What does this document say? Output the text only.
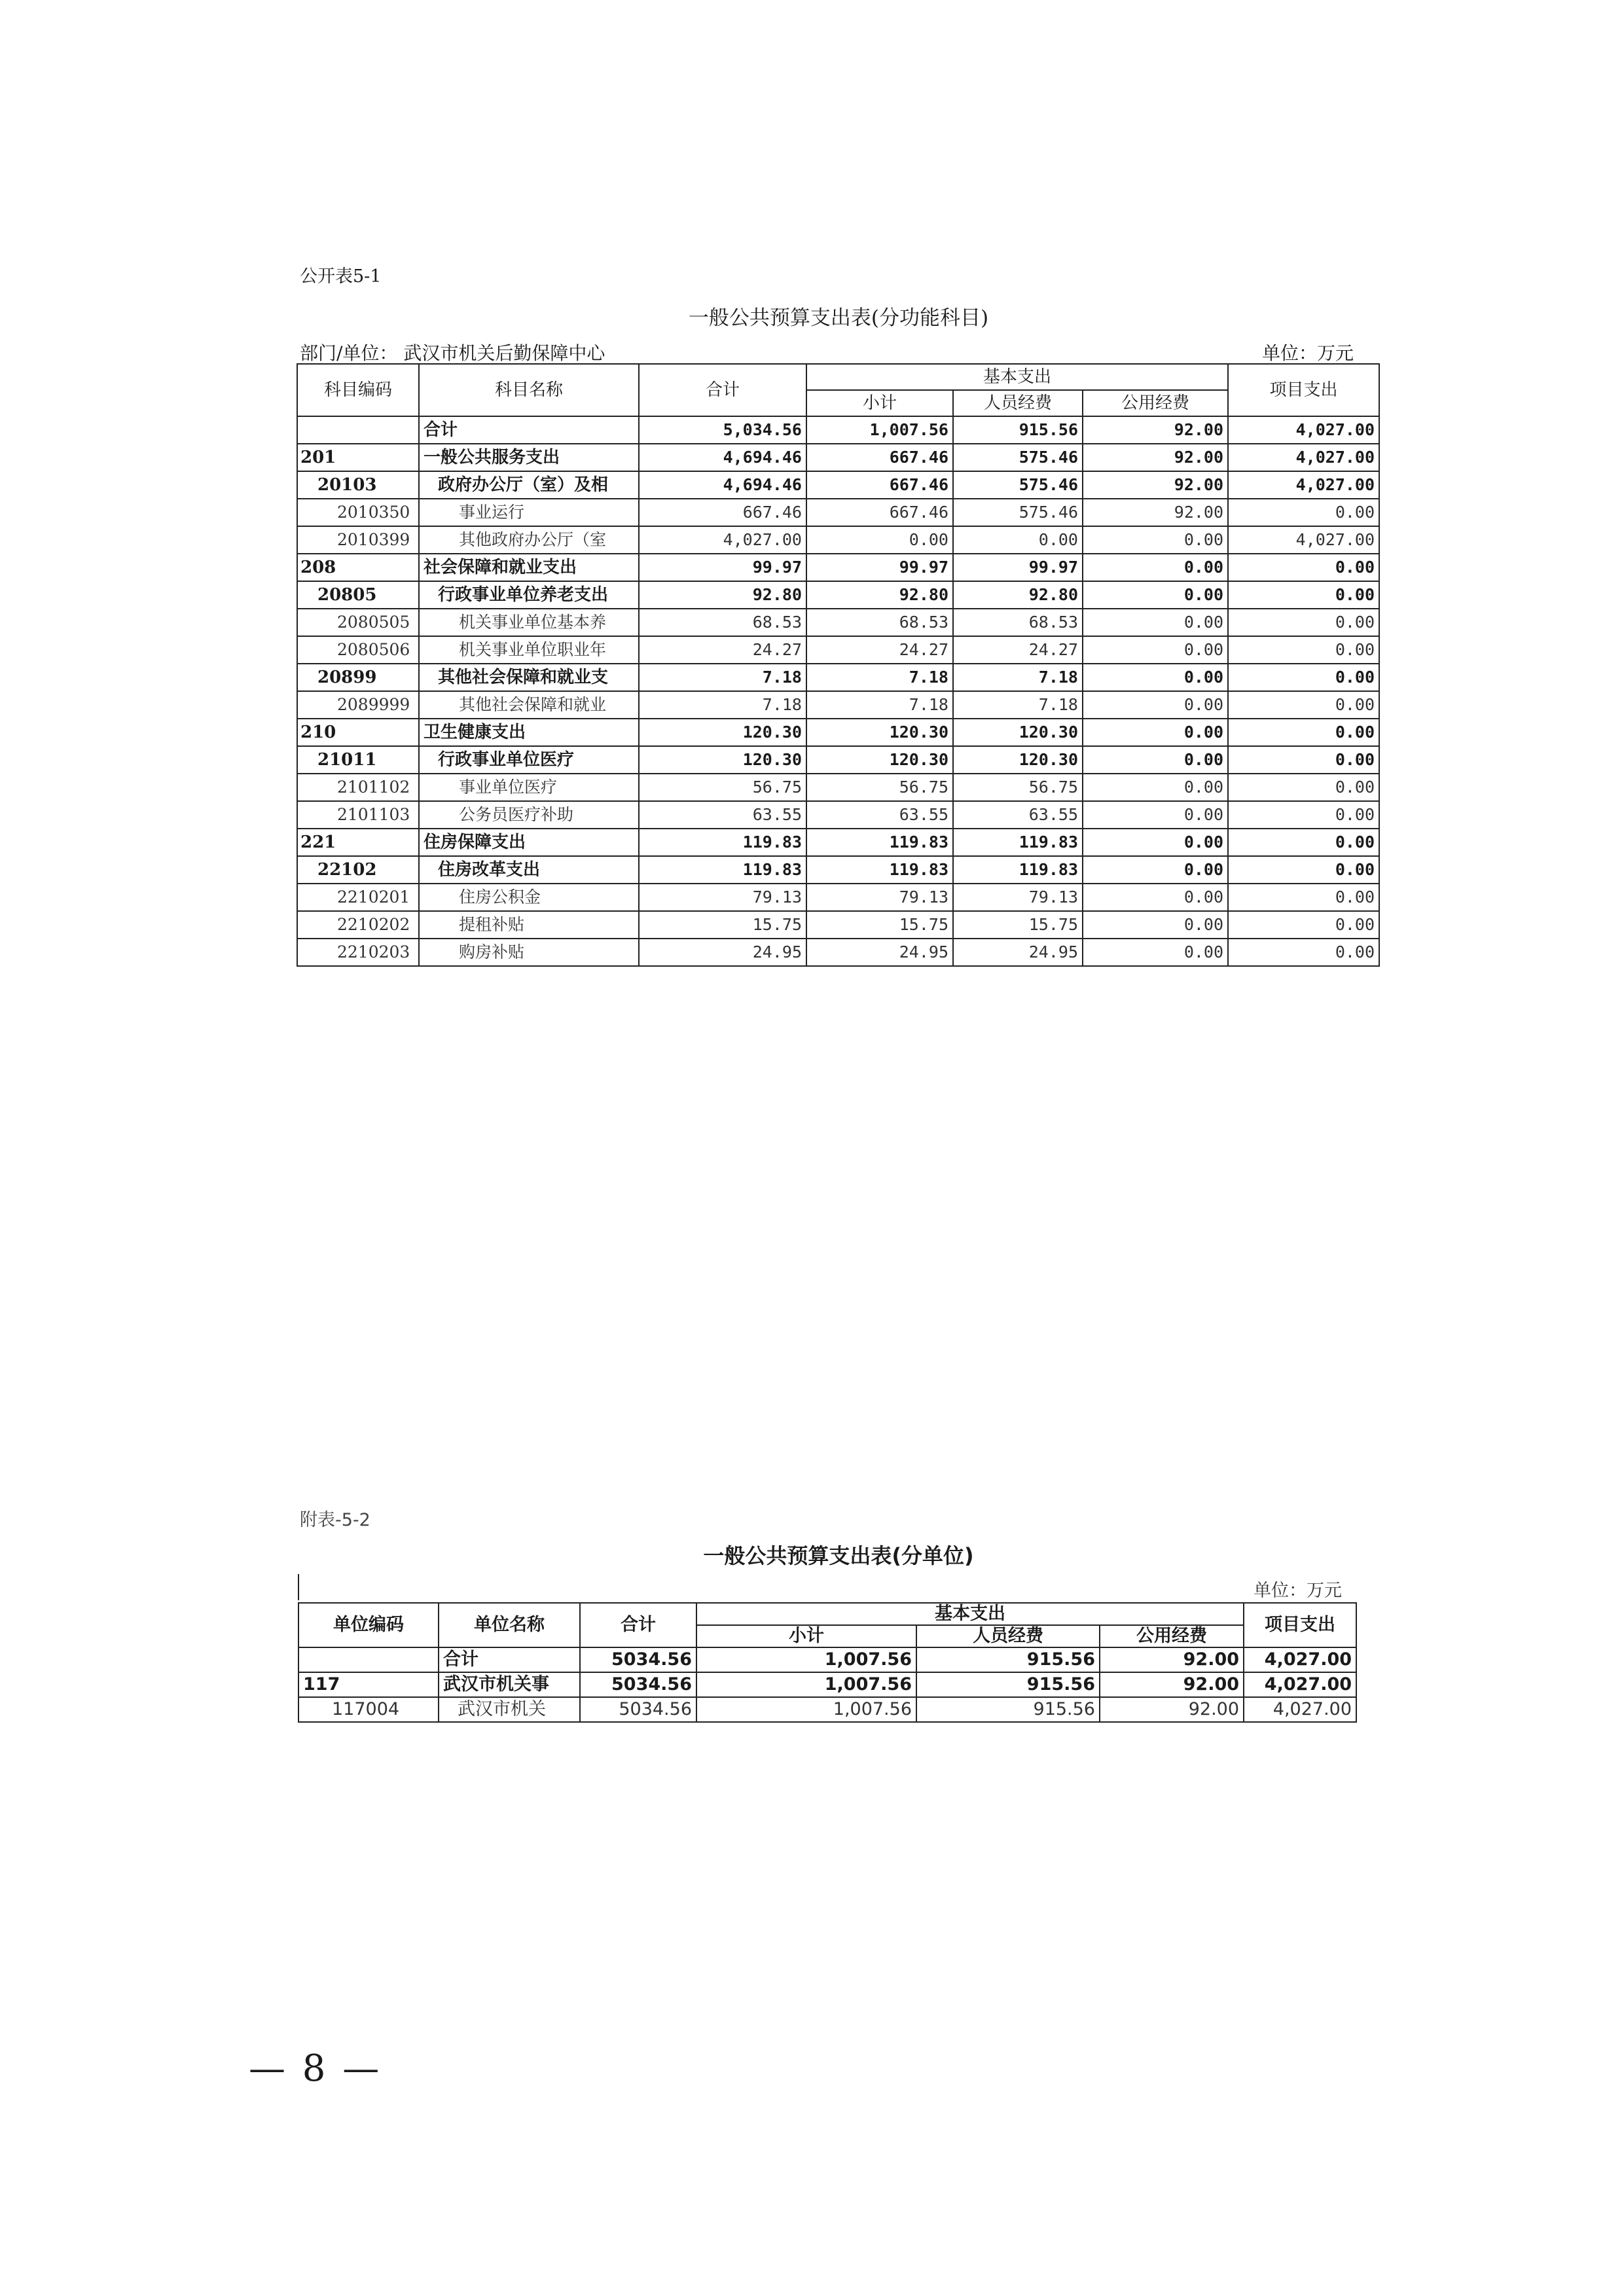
公开表5-1
一般公共预算支出表(分功能科目)
部门/单位： 武汉市机关后勤保障中心	单位：万元
科目编码	科目名称	合计	基本支出			项目支出
			小计	人员经费	公用经费	
	合计	5,034.56	1,007.56	915.56	92.00	4,027.00
201	一般公共服务支出	4,694.46	667.46	575.46	92.00	4,027.00
20103	政府办公厅（室）及相	4,694.46	667.46	575.46	92.00	4,027.00
2010350	事业运行	667.46	667.46	575.46	92.00	0.00
2010399	其他政府办公厅（室	4,027.00	0.00	0.00	0.00	4,027.00
208	社会保障和就业支出	99.97	99.97	99.97	0.00	0.00
20805	行政事业单位养老支出	92.80	92.80	92.80	0.00	0.00
2080505	机关事业单位基本养	68.53	68.53	68.53	0.00	0.00
2080506	机关事业单位职业年	24.27	24.27	24.27	0.00	0.00
20899	其他社会保障和就业支	7.18	7.18	7.18	0.00	0.00
2089999	其他社会保障和就业	7.18	7.18	7.18	0.00	0.00
210	卫生健康支出	120.30	120.30	120.30	0.00	0.00
21011	行政事业单位医疗	120.30	120.30	120.30	0.00	0.00
2101102	事业单位医疗	56.75	56.75	56.75	0.00	0.00
2101103	公务员医疗补助	63.55	63.55	63.55	0.00	0.00
221	住房保障支出	119.83	119.83	119.83	0.00	0.00
22102	住房改革支出	119.83	119.83	119.83	0.00	0.00
2210201	住房公积金	79.13	79.13	79.13	0.00	0.00
2210202	提租补贴	15.75	15.75	15.75	0.00	0.00
2210203	购房补贴	24.95	24.95	24.95	0.00	0.00
附表-5-2
一般公共预算支出表(分单位)
单位：万元
单位编码	单位名称	合计	基本支出			项目支出
			小计	人员经费	公用经费	
	合计	5034.56	1,007.56	915.56	92.00	4,027.00
117	武汉市机关事	5034.56	1,007.56	915.56	92.00	4,027.00
117004	武汉市机关	5034.56	1,007.56	915.56	92.00	4,027.00
— 8 —
